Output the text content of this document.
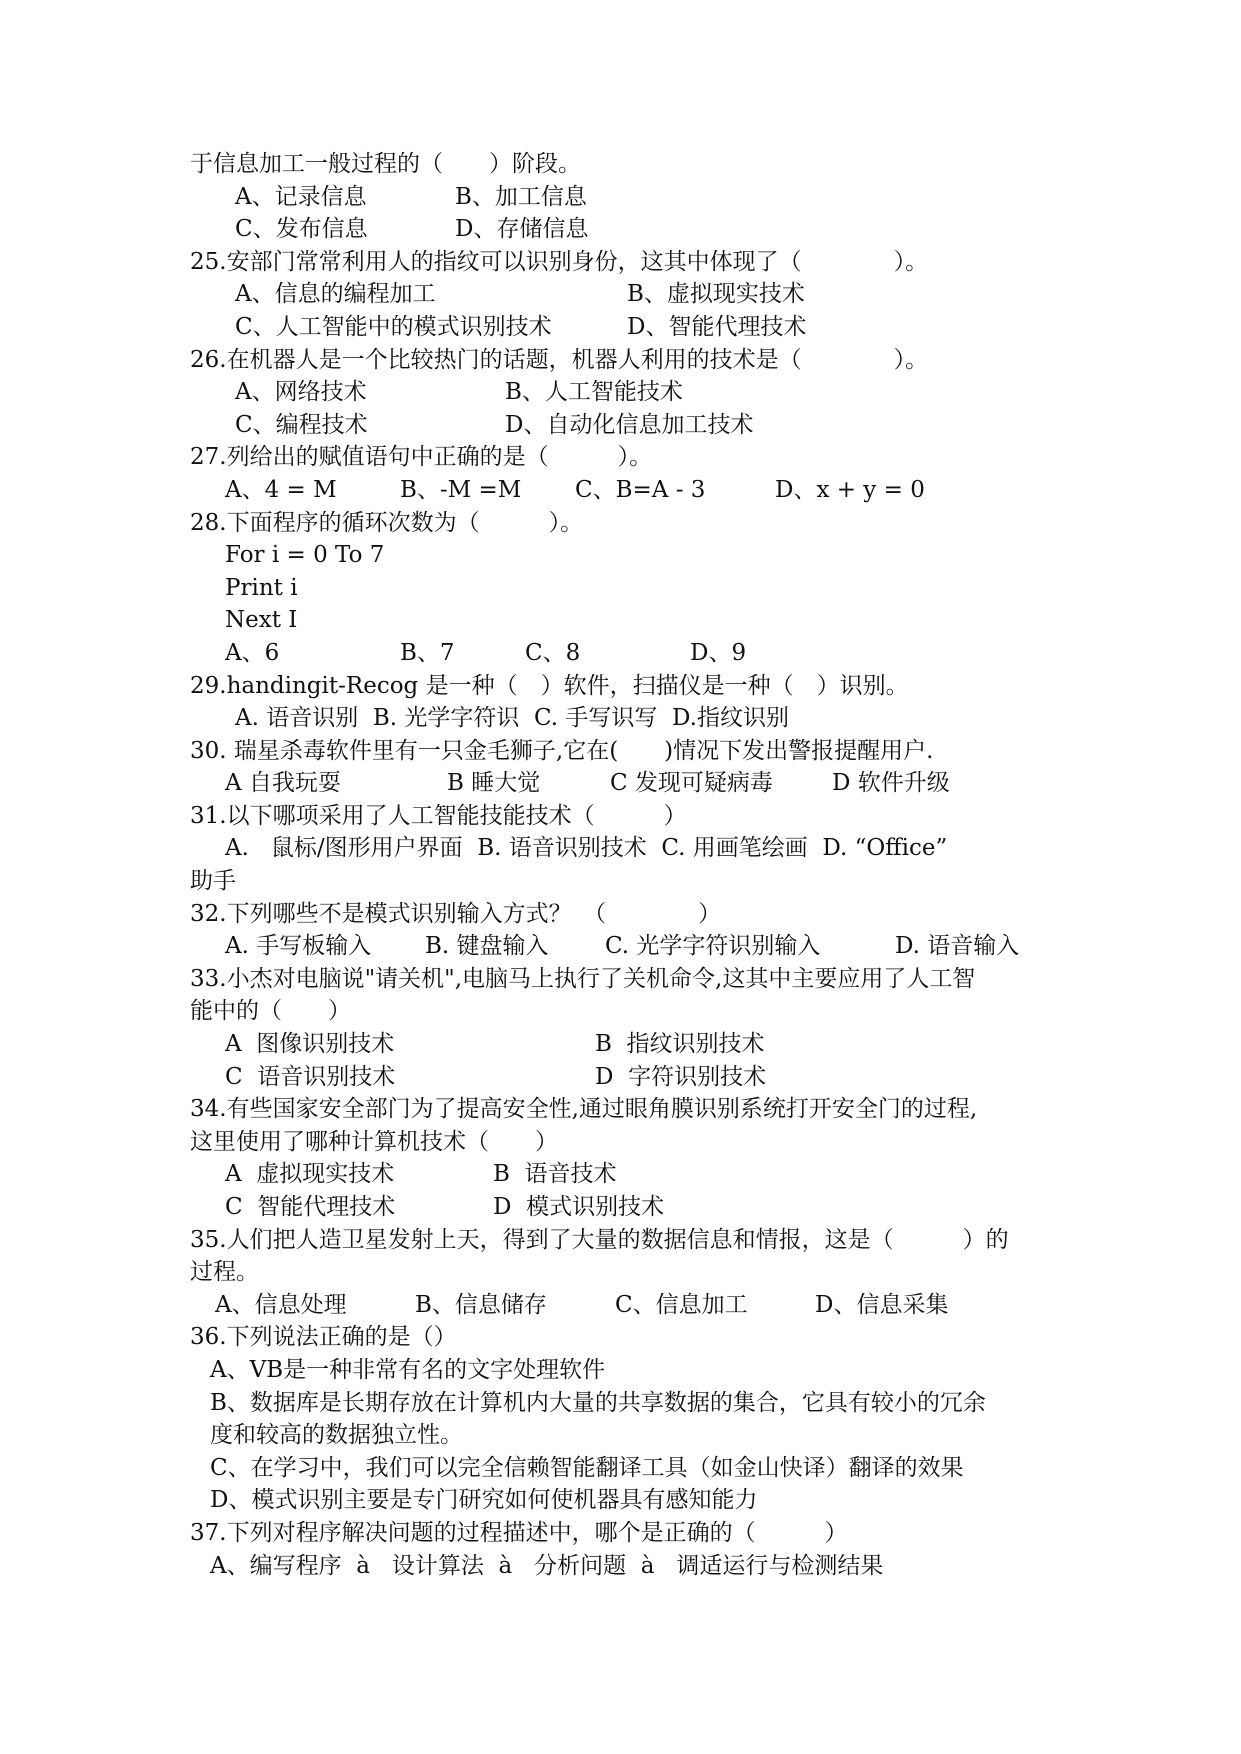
于信息加工一般过程的（　　）阶段。
A、记录信息	B、加工信息
C、发布信息	D、存储信息
25.安部门常常利用人的指纹可以识别身份，这其中体现了（　　　　）。
A、信息的编程加工	B、虚拟现实技术
C、人工智能中的模式识别技术	D、智能代理技术
26.在机器人是一个比较热门的话题，机器人利用的技术是（　　　　）。
A、网络技术	B、人工智能技术
C、编程技术	D、自动化信息加工技术
27.列给出的赋值语句中正确的是（　　　）。
A、4 = M	B、-M =M	C、B=A - 3	D、x + y = 0
28.下面程序的循环次数为（　　　）。
For i = 0 To 7
Print i
Next I
A、6	B、7	C、8	D、9
29.handingit-Recog 是一种（　）软件，扫描仪是一种（　）识别。
A. 语音识别  B. 光学字符识  C. 手写识写  D.指纹识别
30. 瑞星杀毒软件里有一只金毛狮子,它在(　　)情况下发出警报提醒用户.
A 自我玩耍	B 睡大觉	C 发现可疑病毒	D 软件升级
31.以下哪项采用了人工智能技能技术（　　　）
A.   鼠标/图形用户界面  B. 语音识别技术  C. 用画笔绘画  D. “Office”
助手
32.下列哪些不是模式识别输入方式？　（　　　　）
A. 手写板输入	B. 键盘输入	C. 光学字符识别输入	D. 语音输入
33.小杰对电脑说"请关机",电脑马上执行了关机命令,这其中主要应用了人工智
能中的（　　）
A  图像识别技术	B  指纹识别技术
C  语音识别技术	D  字符识别技术
34.有些国家安全部门为了提高安全性,通过眼角膜识别系统打开安全门的过程,
这里使用了哪种计算机技术（　　）
A  虚拟现实技术	B  语音技术
C  智能代理技术	D  模式识别技术
35.人们把人造卫星发射上天，得到了大量的数据信息和情报，这是（　　　）的
过程。
A、信息处理	B、信息储存	C、信息加工	D、信息采集
36.下列说法正确的是（）
A、VB是一种非常有名的文字处理软件
B、数据库是长期存放在计算机内大量的共享数据的集合，它具有较小的冗余
度和较高的数据独立性。
C、在学习中，我们可以完全信赖智能翻译工具（如金山快译）翻译的效果
D、模式识别主要是专门研究如何使机器具有感知能力
37.下列对程序解决问题的过程描述中，哪个是正确的（　　　）
A、编写程序  à   设计算法  à   分析问题  à   调适运行与检测结果
